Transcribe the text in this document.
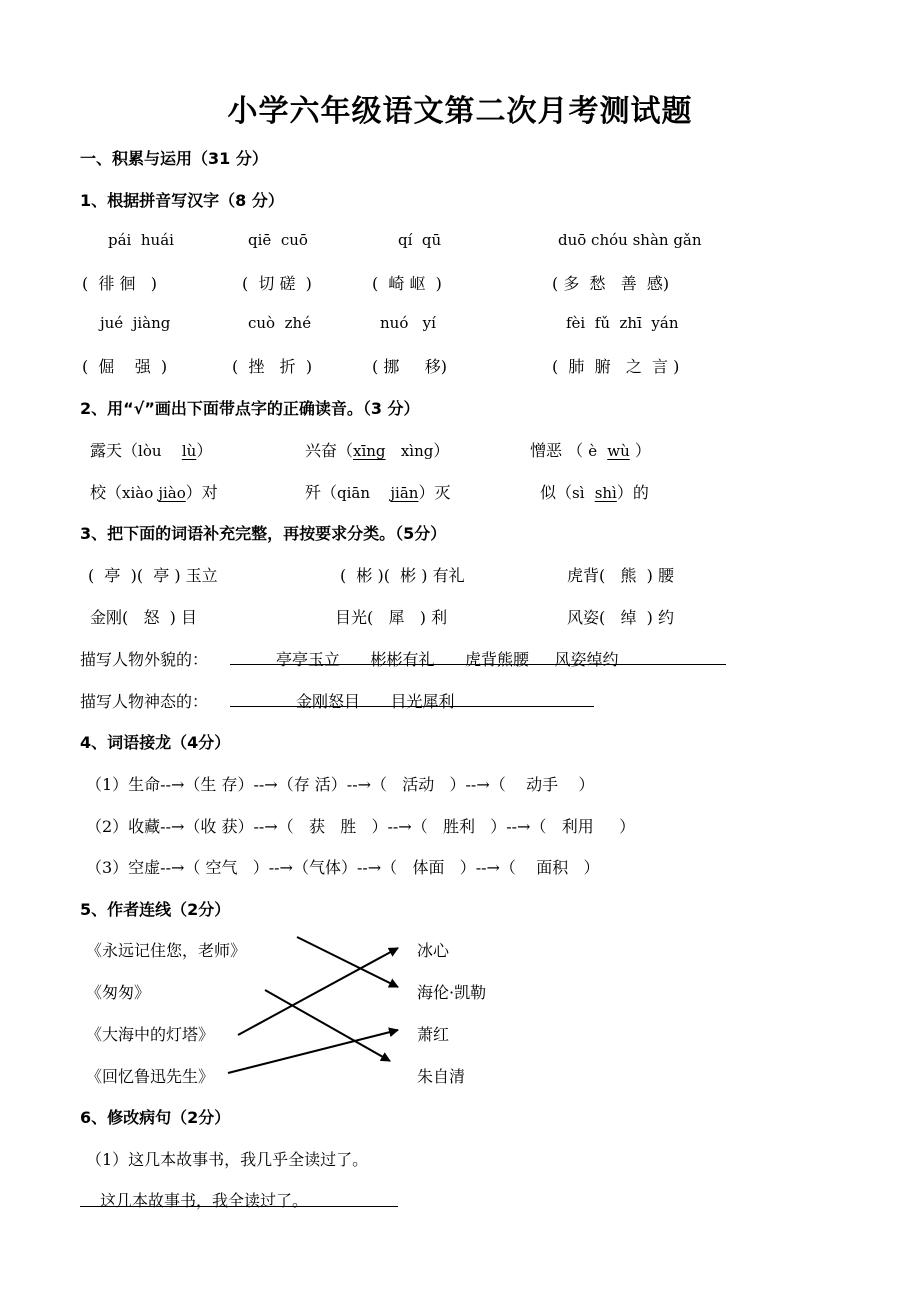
小学六年级语文第二次月考测试题
一、积累与运用（31 分）
1、根据拼音写汉字（8 分）
pái  huái	qiē  cuō	qí  qū	duō chóu shàn gǎn
(  徘 徊   )	(  切 磋  )	(  崎 岖  )	( 多  愁   善  感)
jué  jiàng	cuò  zhé	nuó   yí	fèi  fǔ  zhī  yán
(  倔    强  )	(  挫   折  )	( 挪     移)	(  肺  腑   之  言 )
2、用“√”画出下面带点字的正确读音。（3 分）
露天（lòu lù）	兴奋（xīng xìng）	憎恶 （ è wù ）
校（xiào jiào）对	歼（qiān jiān）灭	似（sì shì）的
3、把下面的词语补充完整，再按要求分类。（5分）
(  亭  )(  亭 ) 玉立	(  彬 )(  彬 ) 有礼	虎背(   熊  ) 腰
金刚(   怒  ) 目	目光(   犀   ) 利	风姿(   绰  ) 约
描写人物外貌的：	亭亭玉立      彬彬有礼      虎背熊腰     风姿绰约
描写人物神态的：	金刚怒目      目光犀利
4、词语接龙（4分）
（1）生命--→（生 存）--→（存 活）--→（   活动   ）--→（    动手    ）
（2）收藏--→（收 获）--→（   获   胜   ）--→（   胜利   ）--→（   利用     ）
（3）空虚--→（ 空气   ）--→（气体）--→（   体面   ）--→（    面积   ）
5、作者连线（2分）
《永远记住您，老师》
《匆匆》
《大海中的灯塔》
《回忆鲁迅先生》
冰心
海伦·凯勒
萧红
朱自清
6、修改病句（2分）
（1）这几本故事书，我几乎全读过了。
这几本故事书，我全读过了。
